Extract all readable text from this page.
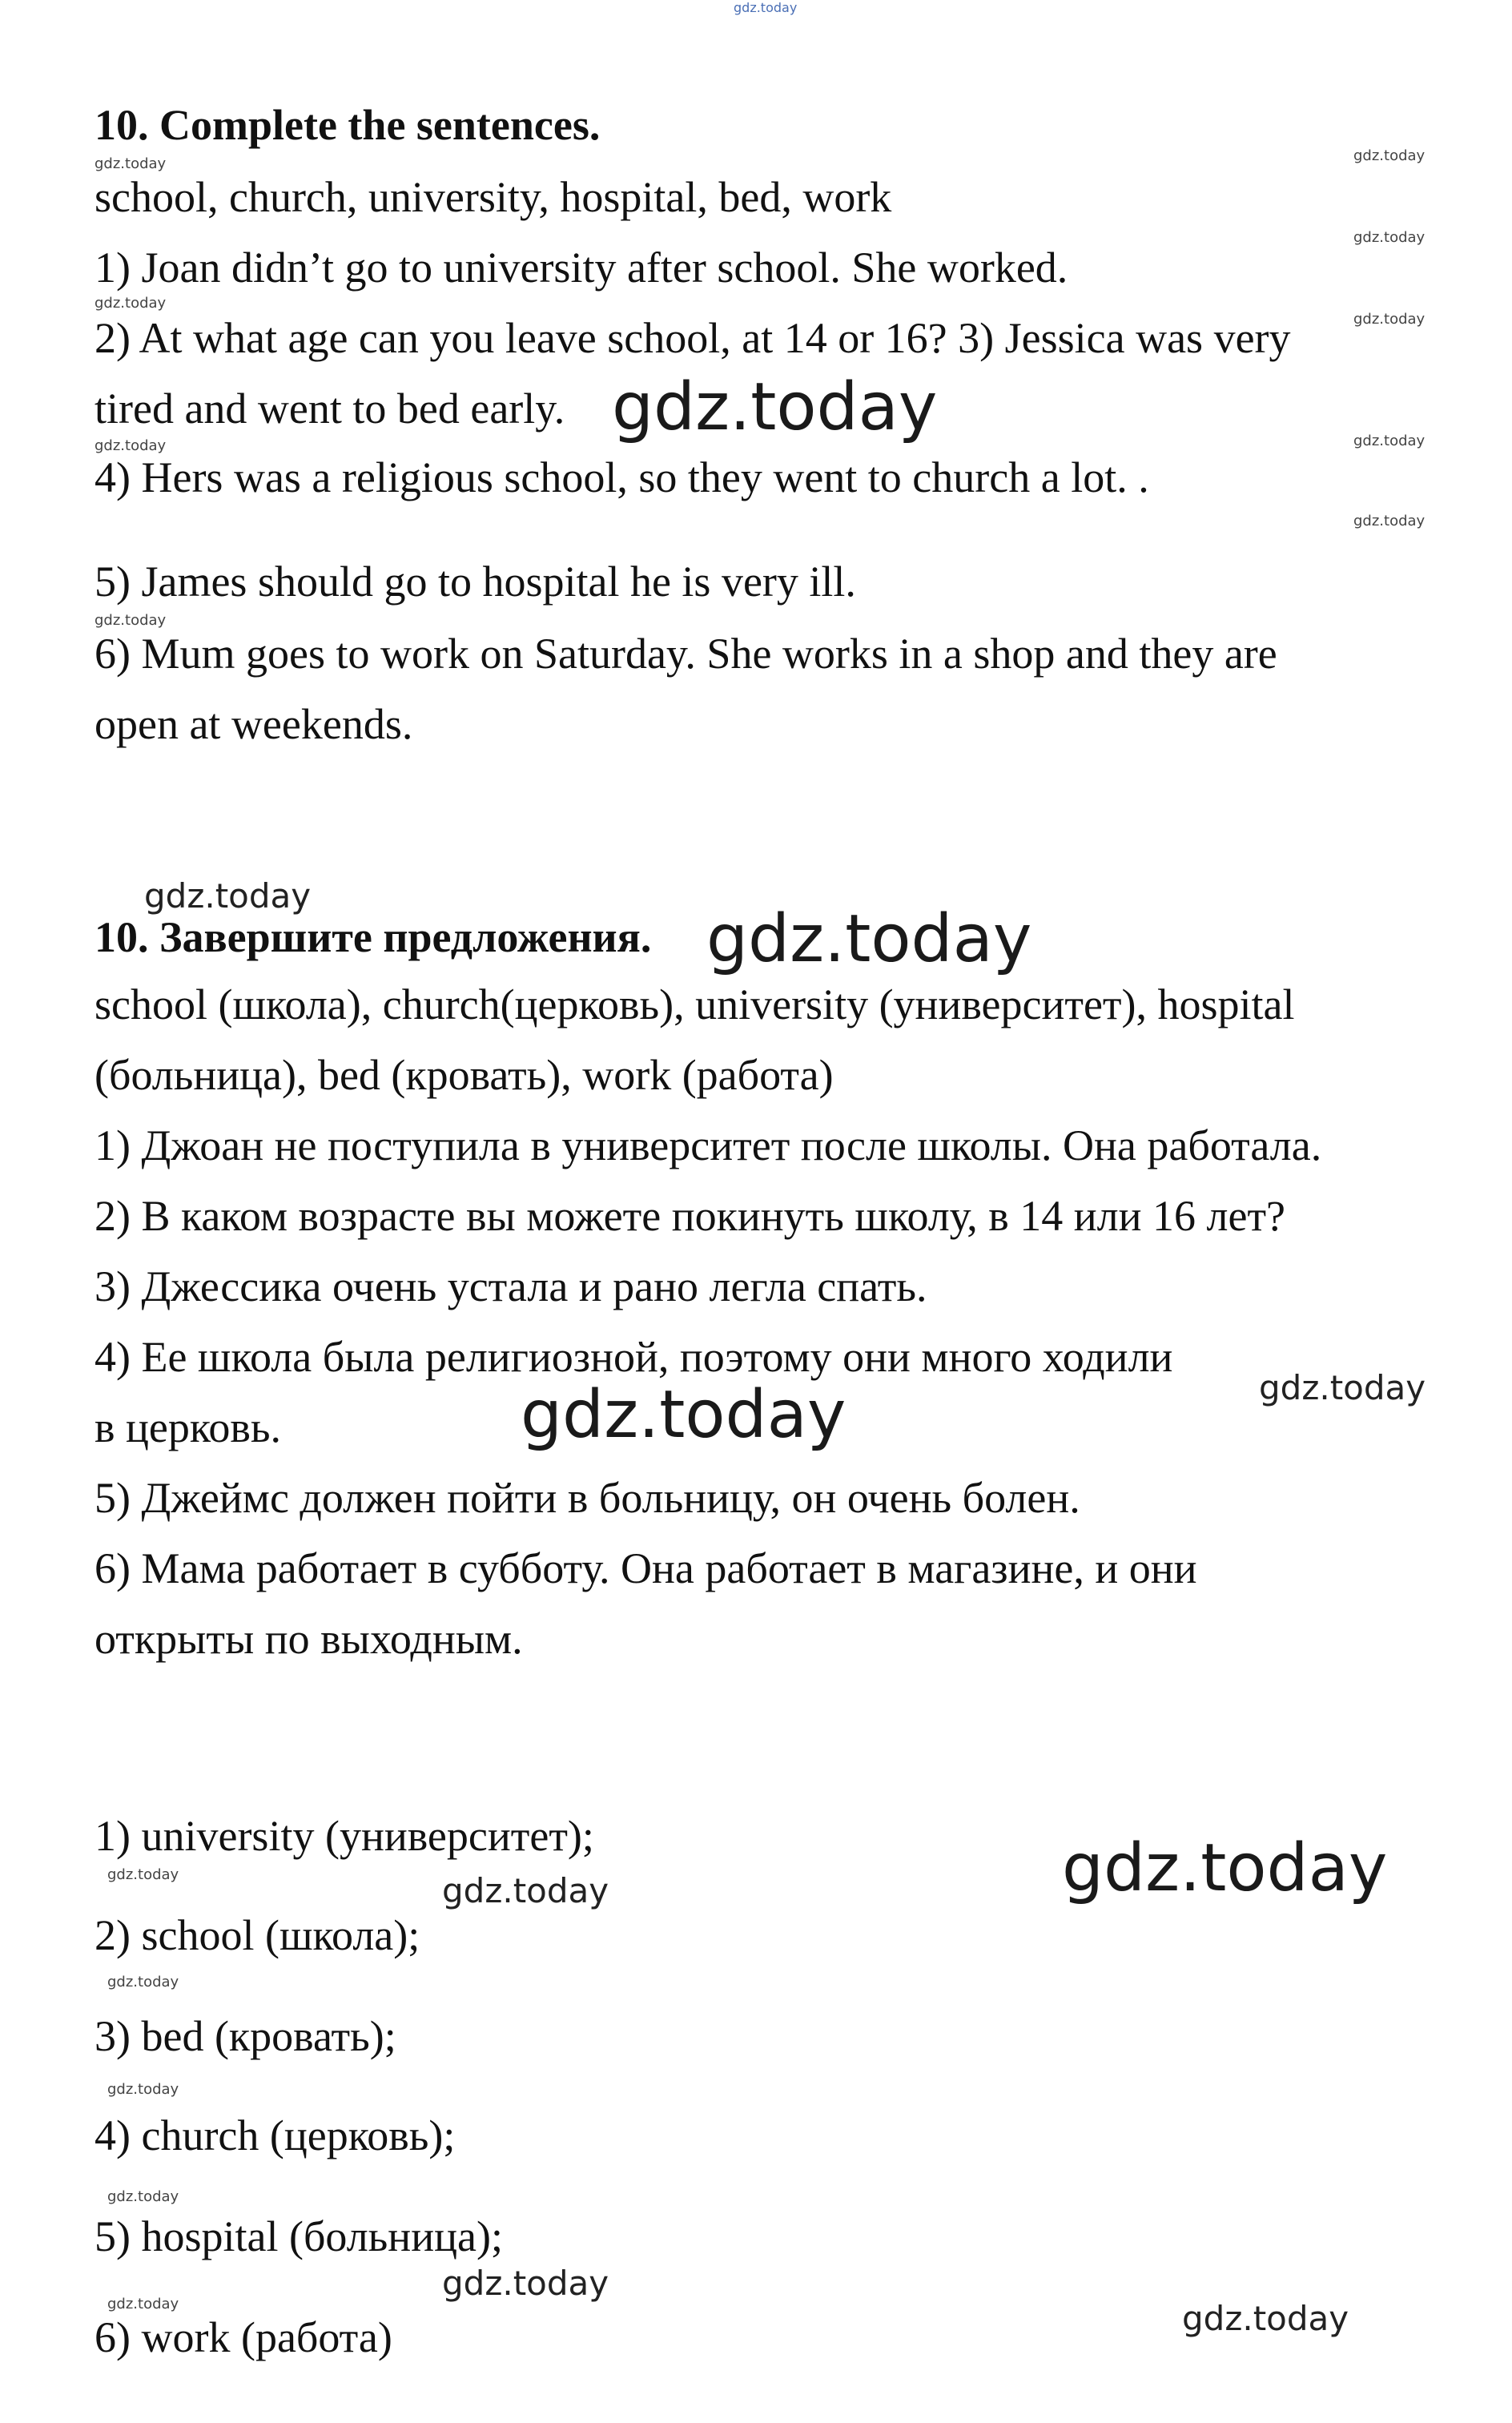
gdz.today

10. Complete the sentences.

gdz.today	gdz.today

school, church, university, hospital, bed, work

gdz.today

1) Joan didn’t go to university after school. She worked.

gdz.today
gdz.today

2) At what age can you leave school, at 14 or 16? 3) Jessica was very

tired and went to bed early. gdz.today
gdz.today	gdz.today

4) Hers was a religious school, so they went to church a lot. .

gdz.today

5) James should go to hospital he is very ill.

gdz.today

6) Mum goes to work on Saturday. She works in a shop and they are

open at weekends.

gdz.today

10. Завершите предложения. gdz.today

school (школа), church(церковь), university (университет), hospital

(больница), bed (кровать), work (работа)

1) Джоан не поступила в университет после школы. Она работала.

2) В каком возрасте вы можете покинуть школу, в 14 или 16 лет?

3) Джессика очень устала и рано легла спать.

4) Ее школа была религиозной, поэтому они много ходили

gdz.today

в церковь.	gdz.today

5) Джеймс должен пойти в больницу, он очень болен.

6) Мама работает в субботу. Она работает в магазине, и они

открыты по выходным.

1) university (университет);	gdz.today
gdz.today	gdz.today

2) school (школа);

gdz.today

3) bed (кровать);

gdz.today

4) church (церковь);

gdz.today

5) hospital (больница);

gdz.today
gdz.today	gdz.today

6) work (работа)
